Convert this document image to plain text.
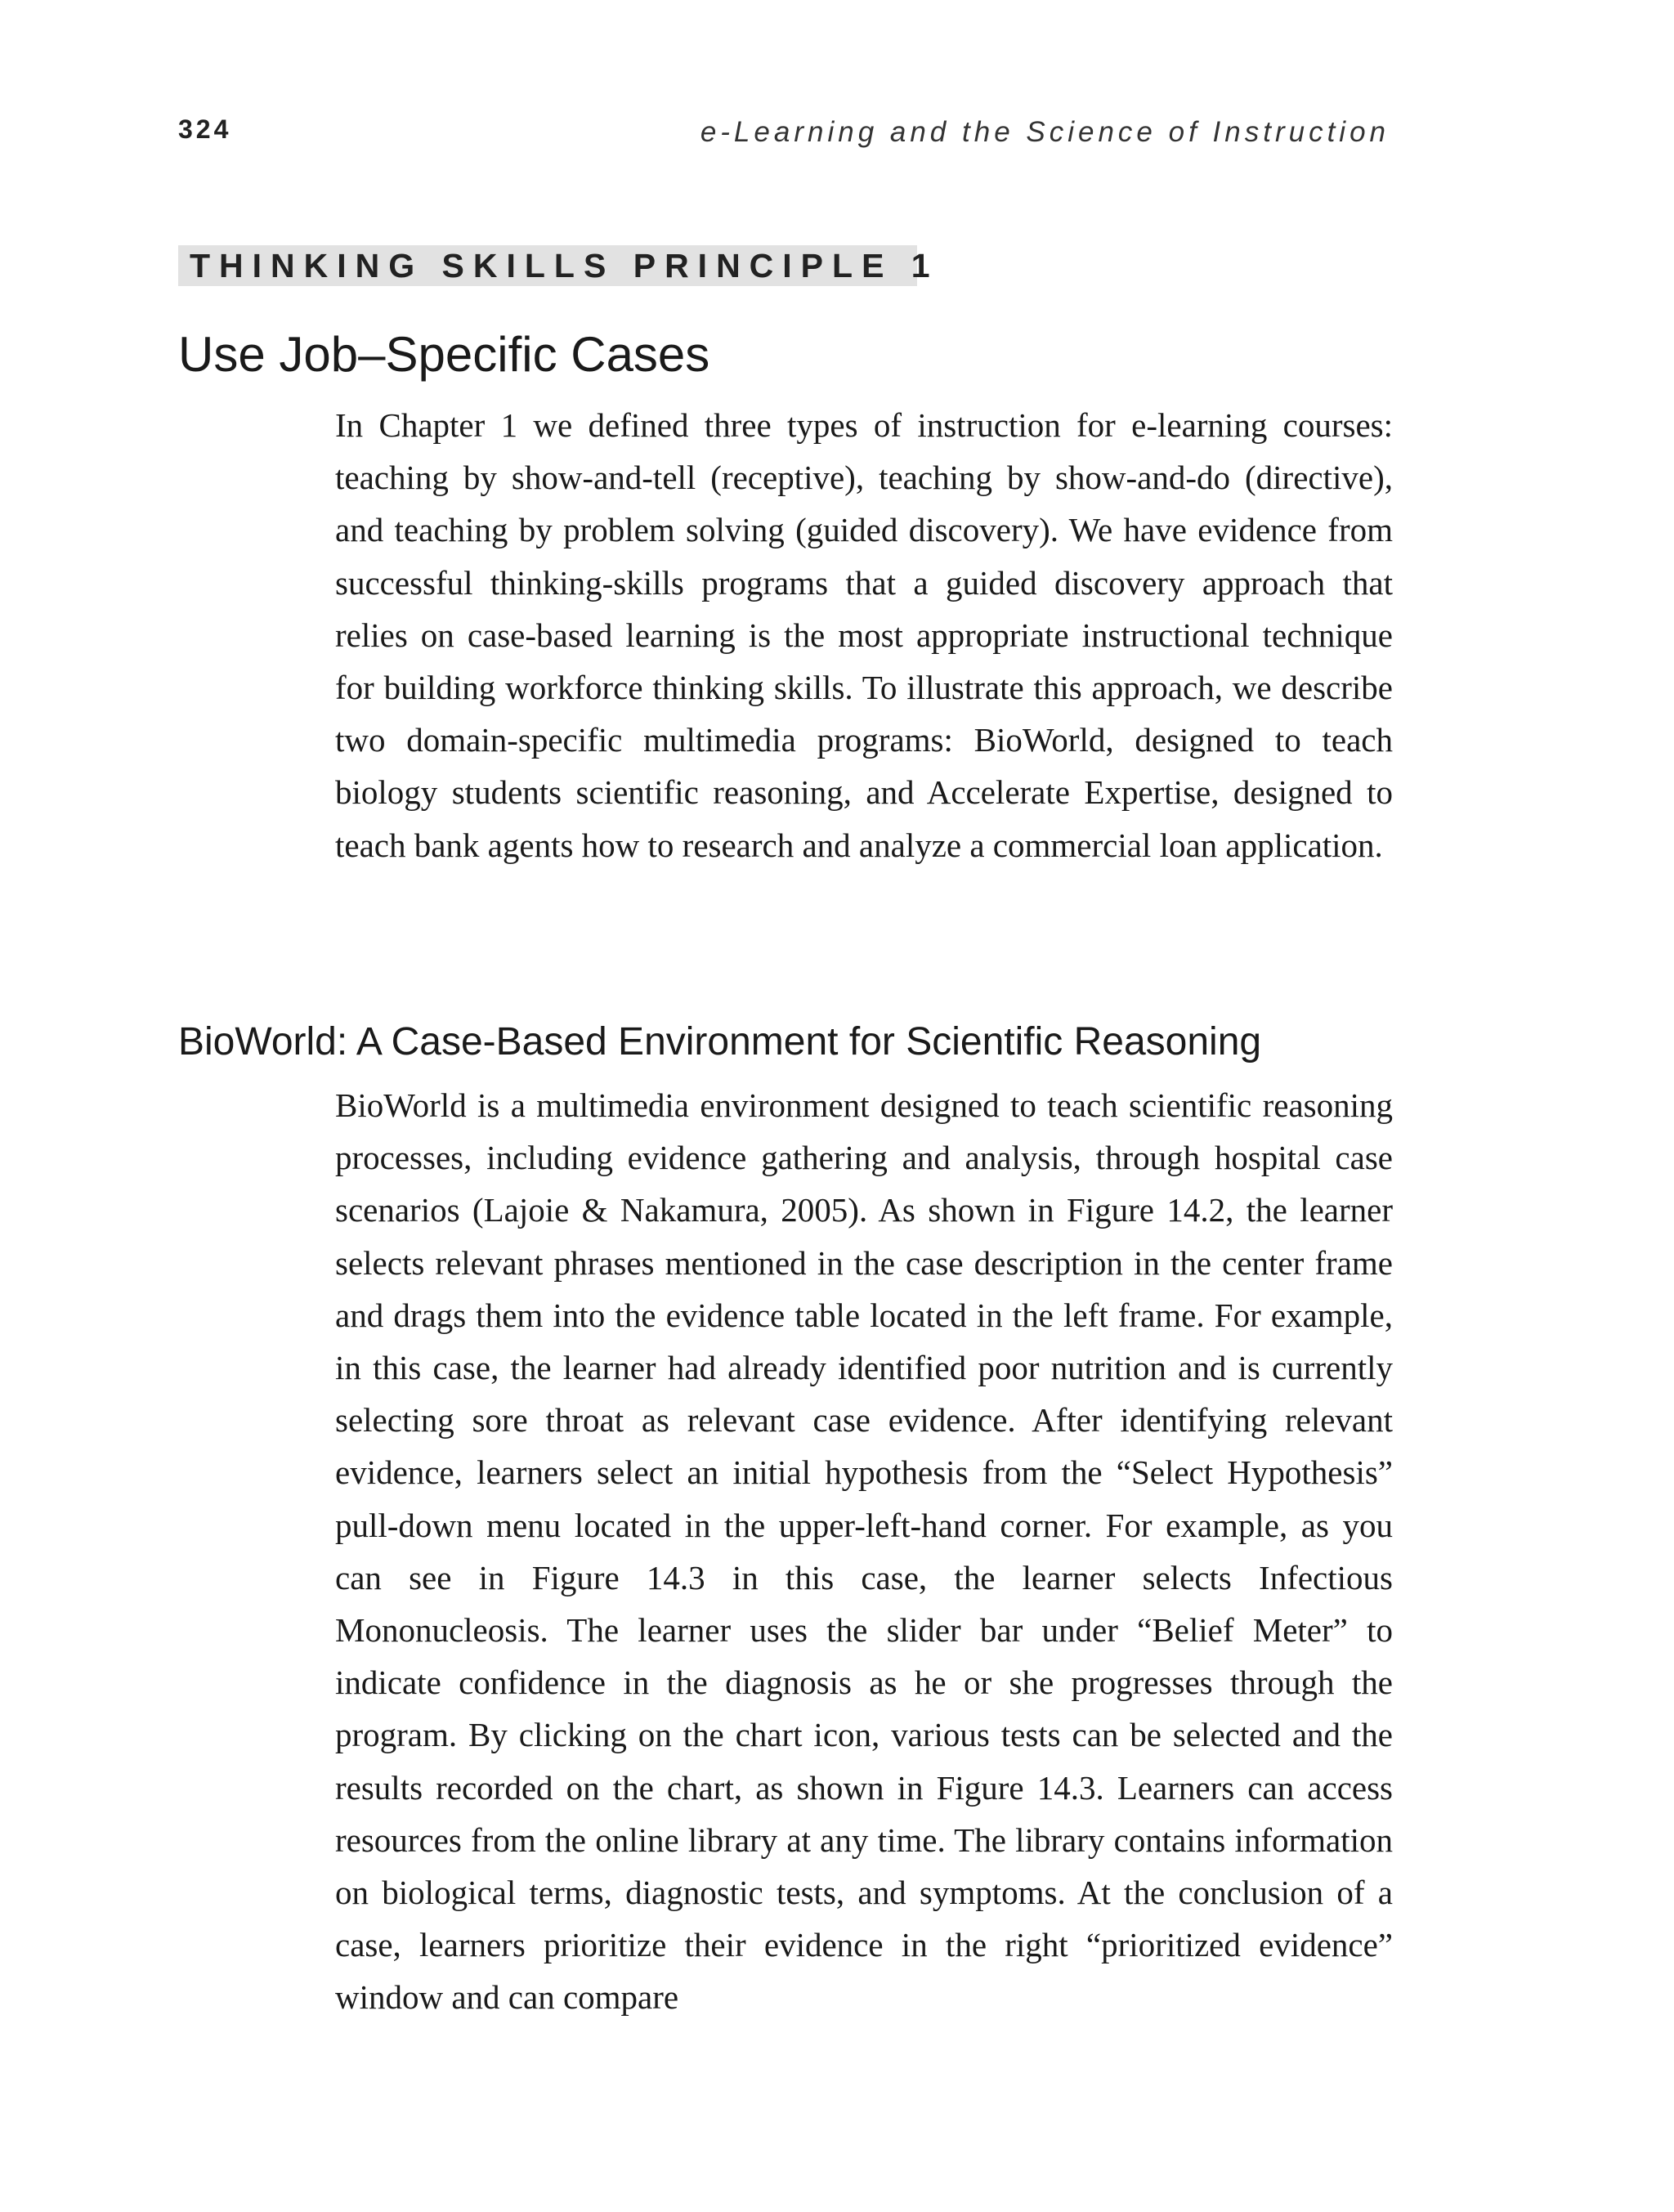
324	e-Learning and the Science of Instruction
THINKING SKILLS PRINCIPLE 1
Use Job–Specific Cases

In Chapter 1 we defined three types of instruction for e-learning courses: teaching by show-and-tell (receptive), teaching by show-and-do (directive), and teaching by problem solving (guided discovery). We have evidence from successful thinking-skills programs that a guided discovery approach that relies on case-based learning is the most appropriate instructional technique for building workforce thinking skills. To illustrate this approach, we describe two domain-specific multimedia programs: BioWorld, designed to teach biology students scientific reasoning, and Accelerate Expertise, designed to teach bank agents how to research and analyze a commercial loan application.

BioWorld: A Case-Based Environment for Scientific Reasoning

BioWorld is a multimedia environment designed to teach scientific reasoning processes, including evidence gathering and analysis, through hospital case scenarios (Lajoie & Nakamura, 2005). As shown in Figure 14.2, the learner selects relevant phrases mentioned in the case description in the center frame and drags them into the evidence table located in the left frame. For example, in this case, the learner had already identified poor nutrition and is currently selecting sore throat as relevant case evidence. After identifying relevant evidence, learners select an initial hypothesis from the “Select Hypothesis” pull-down menu located in the upper-left-hand corner. For example, as you can see in Figure 14.3 in this case, the learner selects Infectious Mononucleosis. The learner uses the slider bar under “Belief Meter” to indicate confidence in the diagnosis as he or she progresses through the program. By clicking on the chart icon, various tests can be selected and the results recorded on the chart, as shown in Figure 14.3. Learners can access resources from the online library at any time. The library contains information on biological terms, diagnostic tests, and symptoms. At the conclusion of a case, learners prioritize their evidence in the right “prioritized evidence” window and can compare
